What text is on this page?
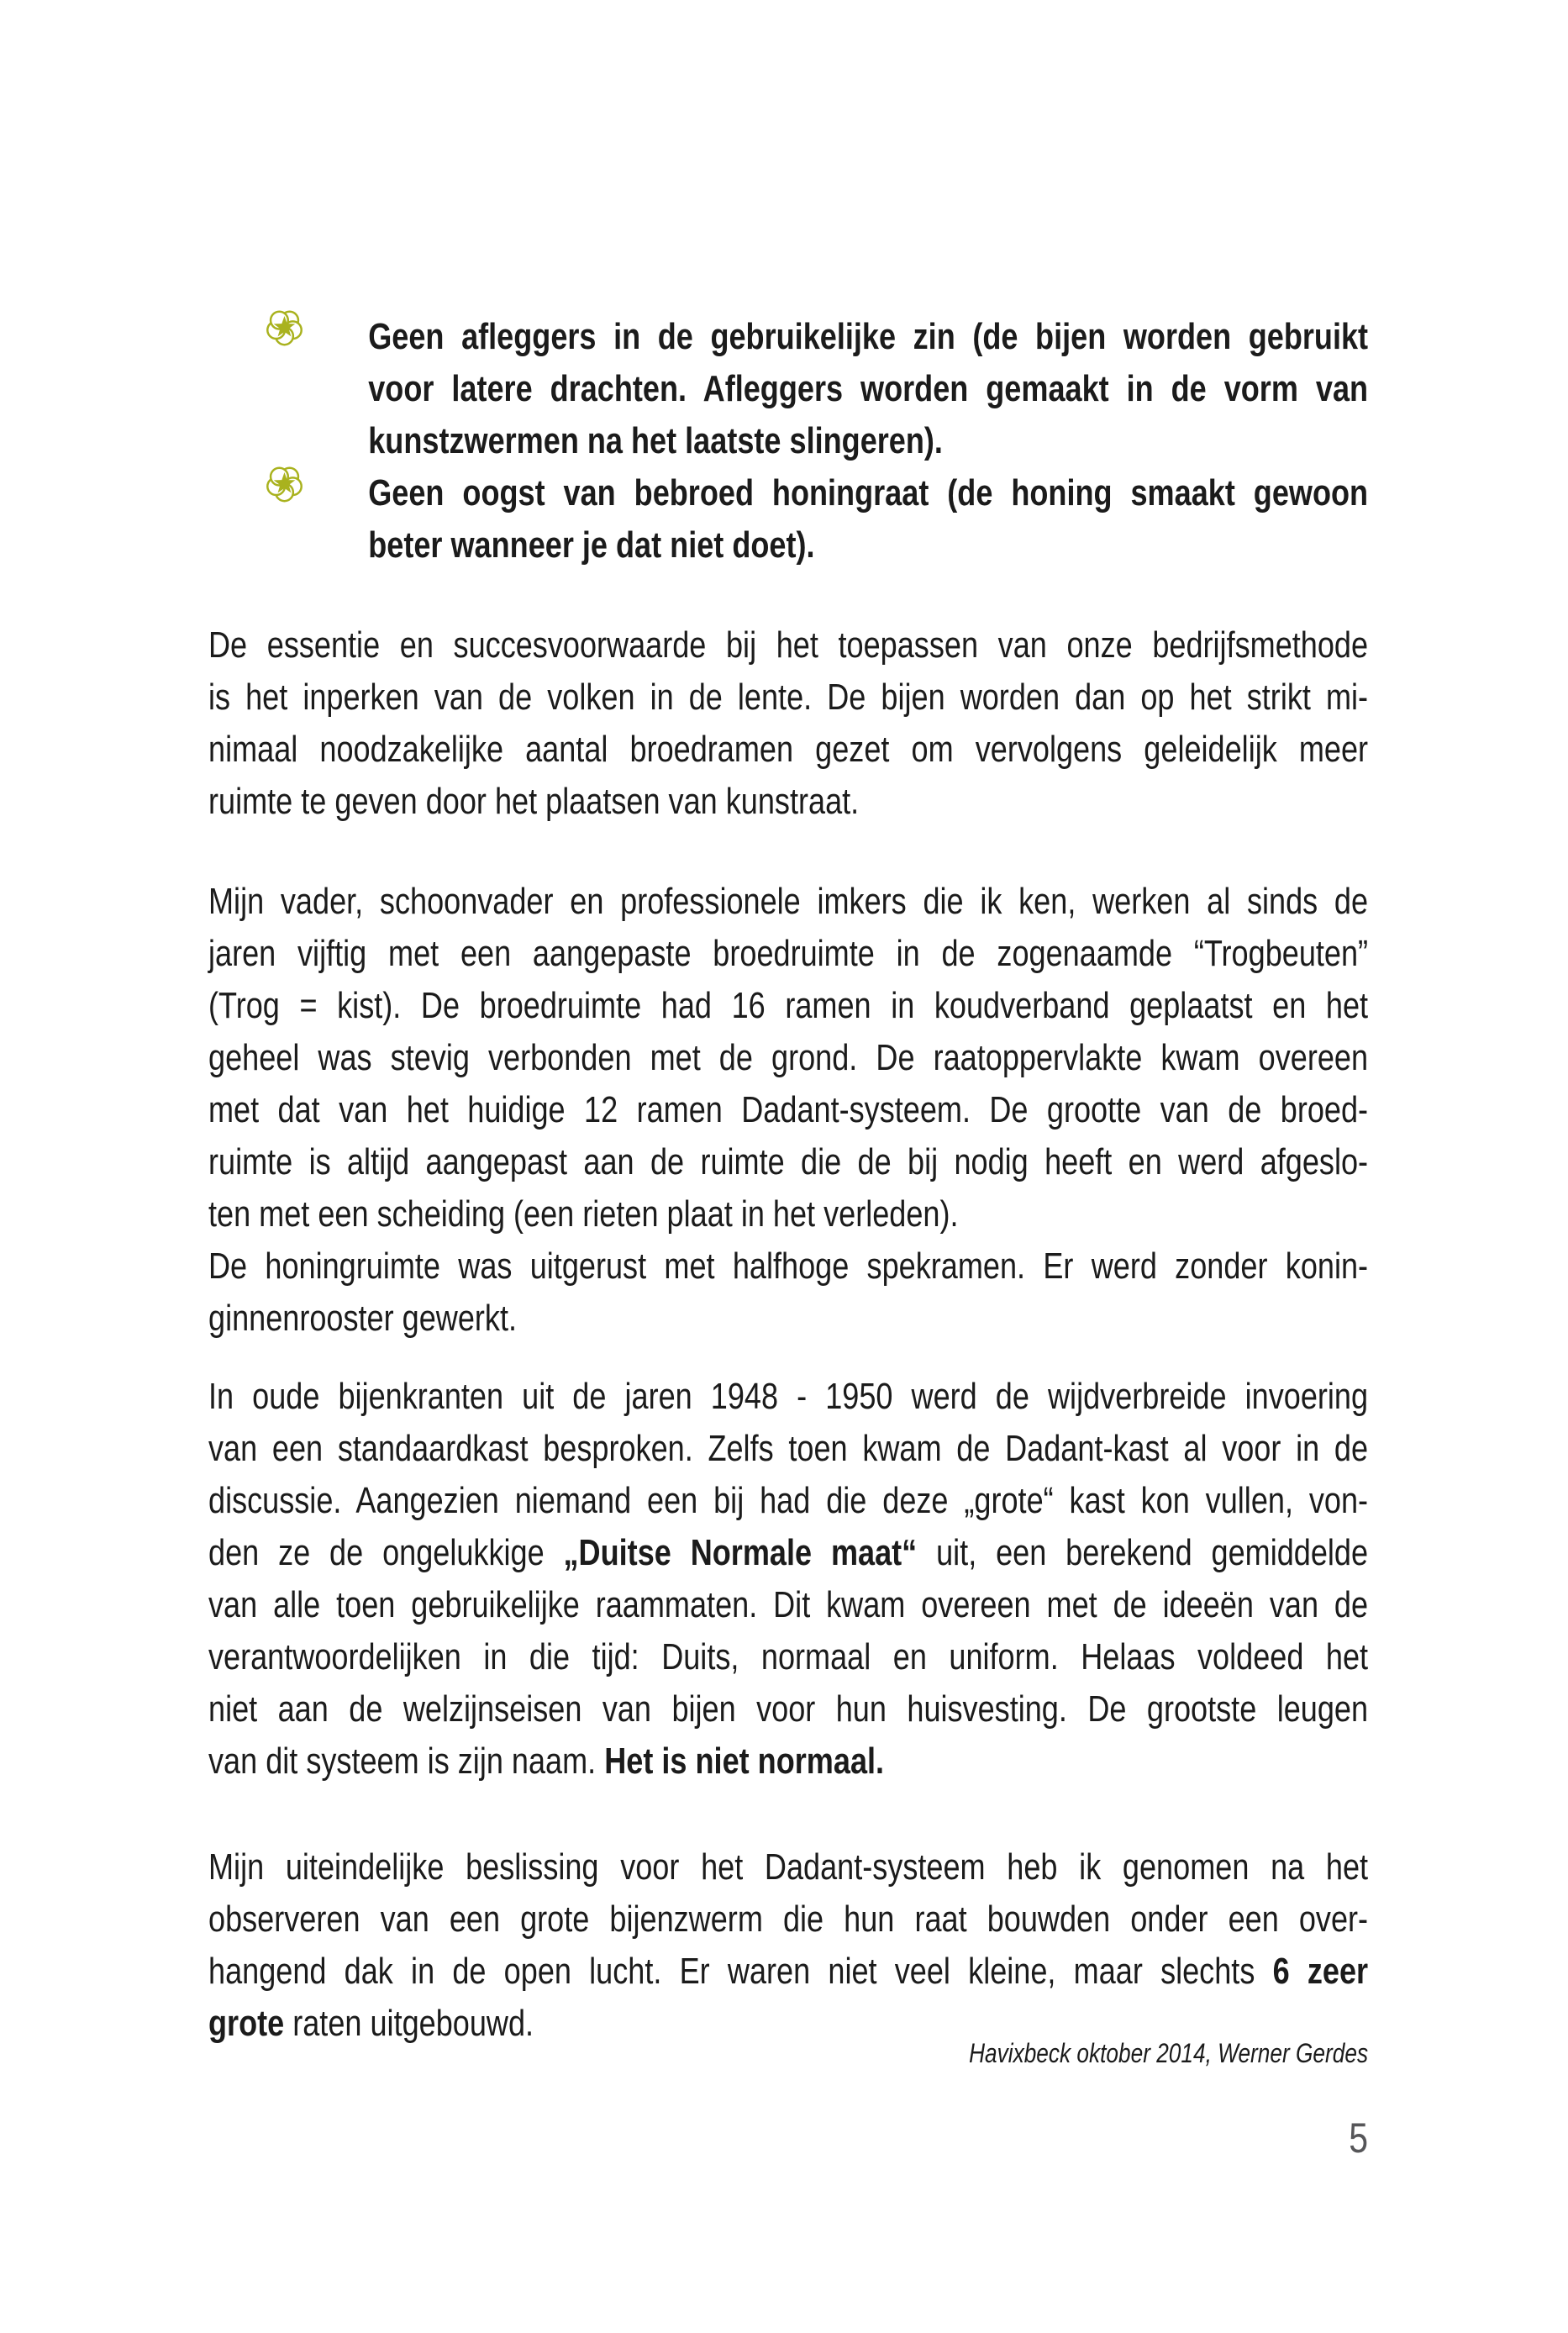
Geen afleggers in de gebruikelijke zin (de bijen worden gebruikt
voor latere drachten. Afleggers worden gemaakt in de vorm van
kunstzwermen na het laatste slingeren).
Geen oogst van bebroed honingraat (de honing smaakt gewoon
beter wanneer je dat niet doet).
De essentie en succesvoorwaarde bij het toepassen van onze bedrijfsmethode
is het inperken van de volken in de lente. De bijen worden dan op het strikt mi-
nimaal noodzakelijke aantal broedramen gezet om vervolgens geleidelijk meer
ruimte te geven door het plaatsen van kunstraat.
Mijn vader, schoonvader en professionele imkers die ik ken, werken al sinds de
jaren vijftig met een aangepaste broedruimte in de zogenaamde “Trogbeuten”
(Trog = kist). De broedruimte had 16 ramen in koudverband geplaatst en het
geheel was stevig verbonden met de grond. De raatoppervlakte kwam overeen
met dat van het huidige 12 ramen Dadant-systeem. De grootte van de broed-
ruimte is altijd aangepast aan de ruimte die de bij nodig heeft en werd afgeslo-
ten met een scheiding (een rieten plaat in het verleden).
De honingruimte was uitgerust met halfhoge spekramen. Er werd zonder konin-
ginnenrooster gewerkt.
In oude bijenkranten uit de jaren 1948 - 1950 werd de wijdverbreide invoering
van een standaardkast besproken. Zelfs toen kwam de Dadant-kast al voor in de
discussie. Aangezien niemand een bij had die deze „grote“ kast kon vullen, von-
den ze de ongelukkige „Duitse Normale maat“ uit, een berekend gemiddelde
van alle toen gebruikelijke raammaten. Dit kwam overeen met de ideeën van de
verantwoordelijken in die tijd: Duits, normaal en uniform. Helaas voldeed het
niet aan de welzijnseisen van bijen voor hun huisvesting. De grootste leugen
van dit systeem is zijn naam. Het is niet normaal.
Mijn uiteindelijke beslissing voor het Dadant-systeem heb ik genomen na het
observeren van een grote bijenzwerm die hun raat bouwden onder een over-
hangend dak in de open lucht. Er waren niet veel kleine, maar slechts 6 zeer
grote raten uitgebouwd.
Havixbeck oktober 2014, Werner Gerdes
5
